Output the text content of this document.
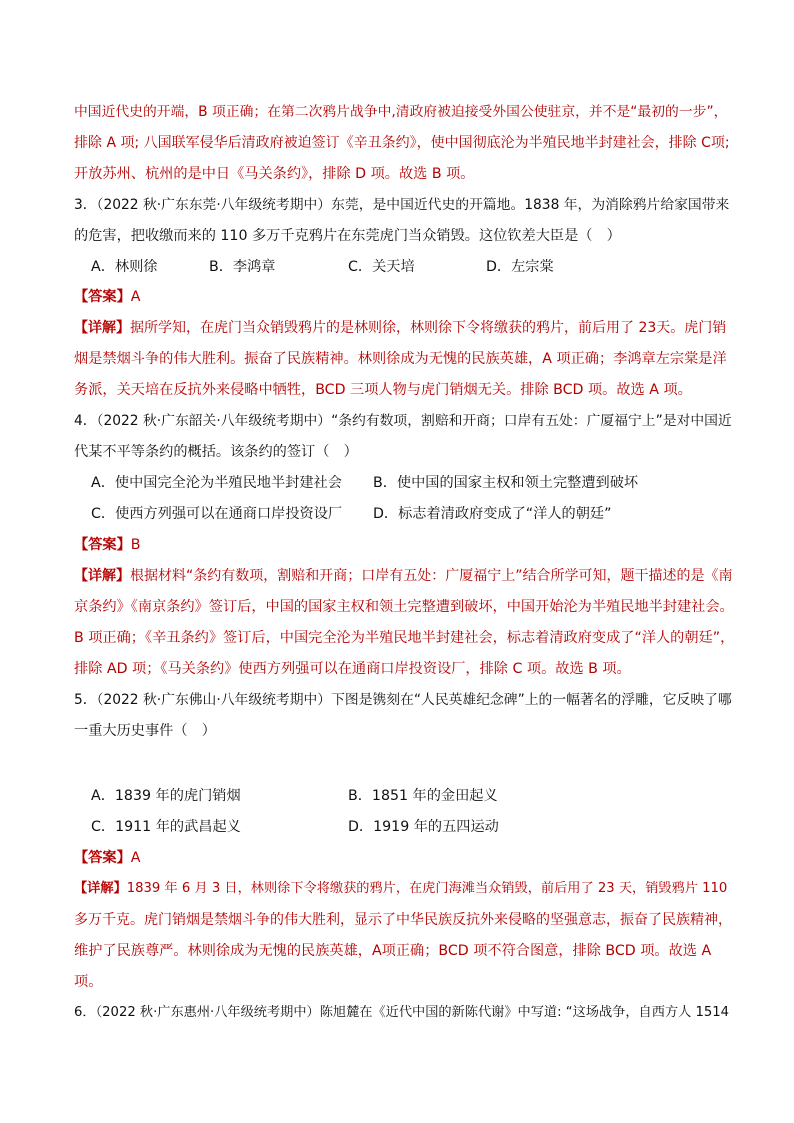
中国近代史的开端，B 项正确；在第二次鸦片战争中,清政府被迫接受外国公使驻京，并不是“最初的一步”，
排除 A 项; 八国联军侵华后清政府被迫签订《辛丑条约》，使中国彻底沦为半殖民地半封建社会，排除 C项;
开放苏州、杭州的是中日《马关条约》，排除 D 项。故选 B 项。
3．（2022 秋·广东东莞·八年级统考期中）东莞，是中国近代史的开篇地。1838 年，为消除鸦片给家国带来
的危害，把收缴而来的 110 多万千克鸦片在东莞虎门当众销毁。这位钦差大臣是（　）
A．林则徐	B．李鸿章	C．关天培	D．左宗棠
【答案】A
【详解】据所学知，在虎门当众销毁鸦片的是林则徐，林则徐下令将缴获的鸦片，前后用了 23天。虎门销
烟是禁烟斗争的伟大胜利。振奋了民族精神。林则徐成为无愧的民族英雄，A 项正确；李鸿章左宗棠是洋
务派，关天培在反抗外来侵略中牺牲，BCD 三项人物与虎门销烟无关。排除 BCD 项。故选 A 项。
4．（2022 秋·广东韶关·八年级统考期中）“条约有数项，割赔和开商；口岸有五处：广厦福宁上”是对中国近
代某不平等条约的概括。该条约的签订（　）
A．使中国完全沦为半殖民地半封建社会 B．使中国的国家主权和领土完整遭到破坏
C．使西方列强可以在通商口岸投资设厂 D．标志着清政府变成了“洋人的朝廷”
【答案】B
【详解】根据材料“条约有数项，割赔和开商；口岸有五处：广厦福宁上”结合所学可知，题干描述的是《南
京条约》《南京条约》签订后，中国的国家主权和领土完整遭到破坏，中国开始沦为半殖民地半封建社会。
B 项正确；《辛丑条约》签订后，中国完全沦为半殖民地半封建社会，标志着清政府变成了“洋人的朝廷”，
排除 AD 项；《马关条约》使西方列强可以在通商口岸投资设厂，排除 C 项。故选 B 项。
5．（2022 秋·广东佛山·八年级统考期中）下图是镌刻在“人民英雄纪念碑”上的一幅著名的浮雕，它反映了哪
一重大历史事件（　）
A．1839 年的虎门销烟	B．1851 年的金田起义
C．1911 年的武昌起义	D．1919 年的五四运动
【答案】A
【详解】1839 年 6 月 3 日，林则徐下令将缴获的鸦片，在虎门海滩当众销毁，前后用了 23 天，销毁鸦片 110
多万千克。虎门销烟是禁烟斗争的伟大胜利，显示了中华民族反抗外来侵略的坚强意志，振奋了民族精神，
维护了民族尊严。林则徐成为无愧的民族英雄，A项正确；BCD 项不符合图意，排除 BCD 项。故选 A
项。
6．（2022 秋·广东惠州·八年级统考期中）陈旭麓在《近代中国的新陈代谢》中写道: “这场战争，自西方人 1514
